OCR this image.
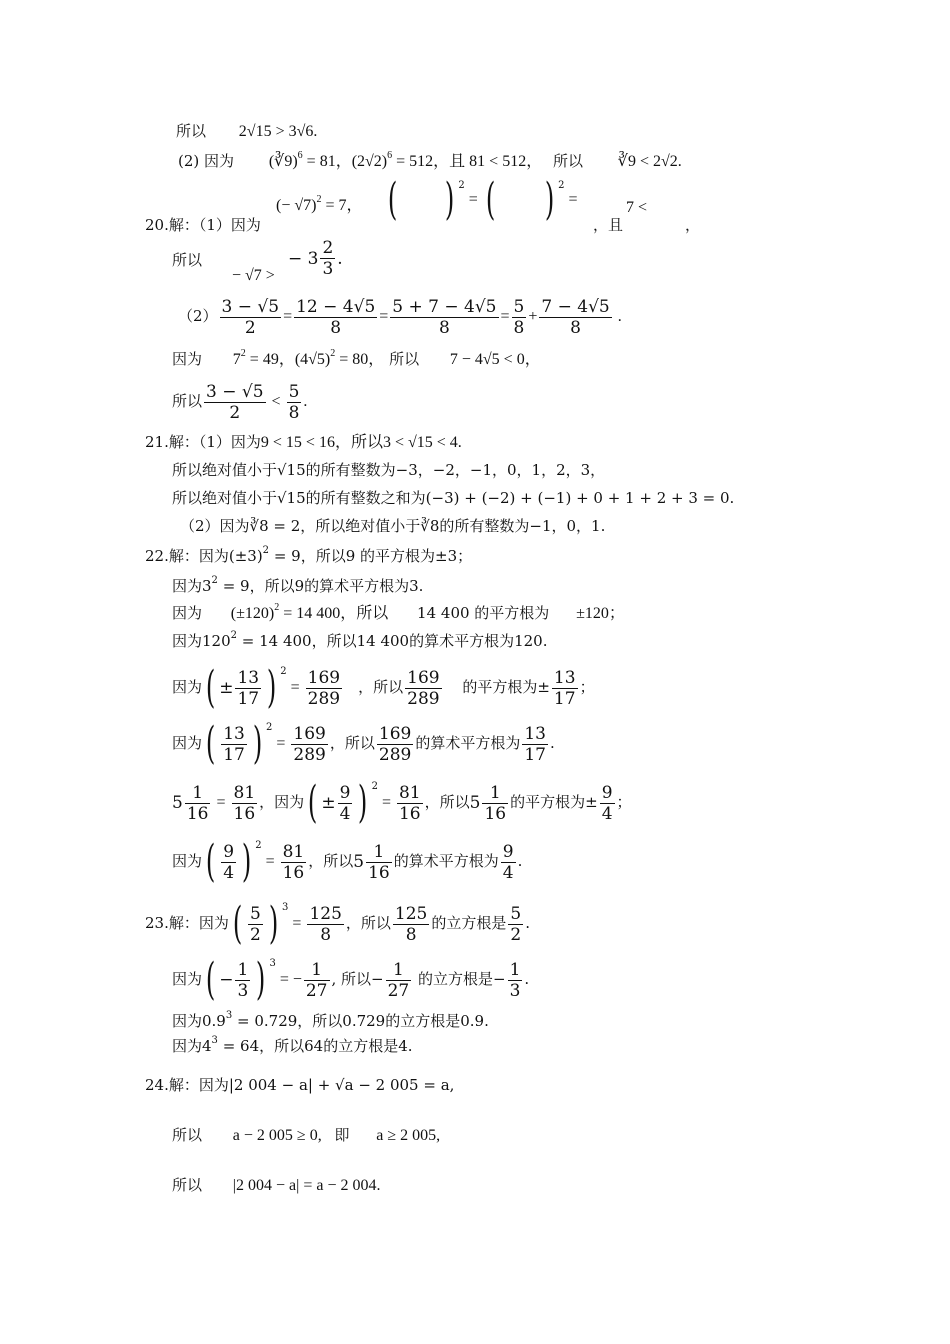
所以 2√15 > 3√6.
(2) 因为 (∛9)$^6$ = 81，$(2√2)^6 = 512$，且 81 < 512， 所以 ∛9 < 2√2.
20.解：（1）因为
(− √7)$^2$ = 7， ( ) $^2$ = ( ) $^2$ =
，且
7 <
，
所以
− √7 >
− $3 \frac{2}{3}$ .
$(2) \frac{3 - √5}{2} = \frac{12 - 4√5}{8} = \frac{5 + 7 - 4√5}{8} = \frac{5}{8} + \frac{7 - 4√5}{8}$ .
因为 $7^2 = 49$，$(4√5)^2 = 80$， 所以 7 − 4√5 < 0，
所以 $\frac{3 - √5}{2} < \frac{5}{8}$ .
21.解：（1）因为9 < 15 < 16，所以3 < √15 < 4.
所以绝对值小于√15的所有整数为−3，−2，−1，0，1，2，3，
所以绝对值小于√15的所有整数之和为(−3) + (−2) + (−1) + 0 + 1 + 2 + 3 = 0.
（2）因为∛8 = 2，所以绝对值小于∛8的所有整数为−1，0，1.
22.解：因为$(\pm 3)^2 = 9$，所以9 的平方根为±3；
因为$3^2 = 9$，所以9的算术平方根为3.
因为 $(\pm 120)^2 = 14$ 400，所以 14 400 的平方根为 ±120；
因为$120^2 = 14$ 400，所以14 400的算术平方根为120.
因为( ± $\frac{13}{17}$ ) $^2 = \frac{169}{289}$ ，所以 $\frac{169}{289}$ 的平方根为± $\frac{13}{17}$ ；
因为( $\frac{13}{17}$ ) $^2 = \frac{169}{289}$ ，所以 $\frac{169}{289}$ 的算术平方根为 $\frac{13}{17}$ .
$5 \frac{1}{16} = \frac{81}{16}$ ，因为( ± $\frac{9}{4}$ ) $^2 = \frac{81}{16}$ ，所以$5 \frac{1}{16}$ 的平方根为± $\frac{9}{4}$ ；
因为( $\frac{9}{4}$ ) $^2 = \frac{81}{16}$ ，所以$5 \frac{1}{16}$ 的算术平方根为 $\frac{9}{4}$ .
23.解：因为( $\frac{5}{2}$ ) $^3 = \frac{125}{8}$ ，所以 $\frac{125}{8}$ 的立方根是 $\frac{5}{2}$ .
因为( − $\frac{1}{3}$ ) $^3$ = − $\frac{1}{27}$ , 所以− $\frac{1}{27}$ 的立方根是− $\frac{1}{3}$ .
因为$0.9^3 = 0.729$，所以0.729的立方根是0.9.
因为$4^3 = 64$，所以64的立方根是4.
24.解：因为|2 004 − a| + √a − 2 005 = a,
所以 a − 2 005 ≥ 0, 即 a ≥ 2 005,
所以 |2 004 − a| = a − 2 004.
